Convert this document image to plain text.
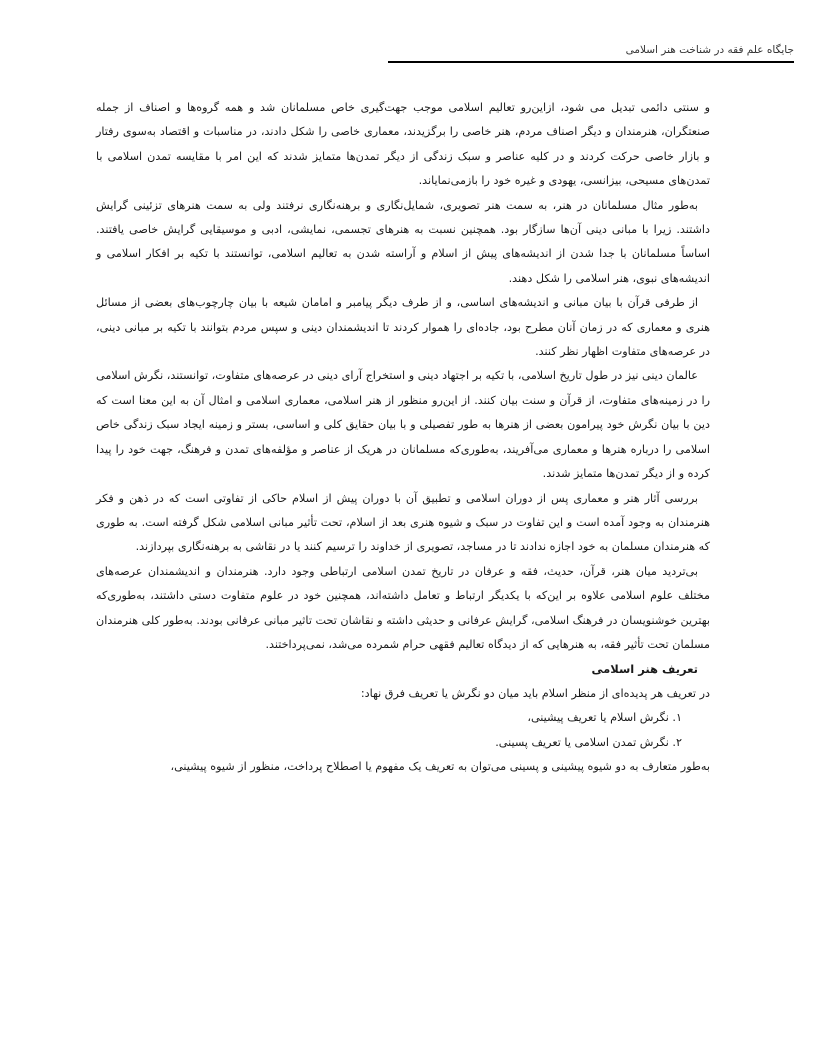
جایگاه علم فقه در شناخت هنر اسلامی

و سنتی دائمی تبدیل می شود، ازاین‌رو تعالیم اسلامی موجب جهت‌گیری خاص مسلمانان شد و همه گروه‌ها و اصناف از جمله صنعتگران، هنرمندان و دیگر اصناف مردم، هنر خاصی را برگزیدند، معماری خاصی را شکل دادند، در مناسبات و اقتصاد به‌سوی رفتار و بازار خاصی حرکت کردند و در کلیه عناصر و سبک زندگی از دیگر تمدن‌ها متمایز شدند که این امر با مقایسه تمدن اسلامی با تمدن‌های مسیحی، بیزانسی، یهودی و غیره خود را بازمی‌نمایاند.

به‌طور مثال مسلمانان در هنر، به سمت هنر تصویری، شمایل‌نگاری و برهنه‌نگاری نرفتند ولی به سمت هنرهای تزئینی گرایش داشتند. زیرا با مبانی دینی آن‌ها سازگار بود. همچنین نسبت به هنرهای تجسمی، نمایشی، ادبی و موسیقایی گرایش خاصی یافتند. اساساً مسلمانان با جدا شدن از اندیشه‌های پیش از اسلام و آراسته شدن به تعالیم اسلامی، توانستند با تکیه بر افکار اسلامی و اندیشه‌های نبوی، هنر اسلامی را شکل دهند.

از طرفی قرآن با بیان مبانی و اندیشه‌های اساسی، و از طرف دیگر پیامبر و امامان شیعه با بیان چارچوب‌های بعضی از مسائل هنری و معماری که در زمان آنان مطرح بود، جاده‌ای را هموار کردند تا اندیشمندان دینی و سپس مردم بتوانند با تکیه بر مبانی دینی، در عرصه‌های متفاوت اظهار نظر کنند.

عالمان دینی نیز در طول تاریخ اسلامی، با تکیه بر اجتهاد دینی و استخراج آرای دینی در عرصه‌های متفاوت، توانستند، نگرش اسلامی را در زمینه‌های متفاوت، از قرآن و سنت بیان کنند. از این‌رو منظور از هنر اسلامی، معماری اسلامی و امثال آن به این معنا است که دین با بیان نگرش خود پیرامون بعضی از هنرها به طور تفصیلی و با بیان حقایق کلی و اساسی، بستر و زمینه ایجاد سبک زندگی خاص اسلامی را درباره هنرها و معماری می‌آفریند، به‌طوری‌که مسلمانان در هریک از عناصر و مؤلفه‌های تمدن و فرهنگ، جهت خود را پیدا کرده و از دیگر تمدن‌ها متمایز شدند.

بررسی آثار هنر و معماری پس از دوران اسلامی و تطبیق آن با دوران پیش از اسلام حاکی از تفاوتی است که در ذهن و فکر هنرمندان به وجود آمده است و این تفاوت در سبک و شیوه هنری بعد از اسلام، تحت تأثیر مبانی اسلامی شکل گرفته است. به طوری که هنرمندان مسلمان به خود اجازه ندادند تا در مساجد، تصویری از خداوند را ترسیم کنند یا در نقاشی به برهنه‌نگاری بپردازند.

بی‌تردید میان هنر، قرآن، حدیث، فقه و عرفان در تاریخ تمدن اسلامی ارتباطی وجود دارد. هنرمندان و اندیشمندان عرصه‌های مختلف علوم اسلامی علاوه بر این‌که با یکدیگر ارتباط و تعامل داشته‌اند، همچنین خود در علوم متفاوت دستی داشتند، به‌طوری‌که بهترین خوشنویسان در فرهنگ اسلامی، گرایش عرفانی و حدیثی داشته و نقاشان تحت تاثیر مبانی عرفانی بودند. به‌طور کلی هنرمندان مسلمان تحت تأثیر فقه، به هنرهایی که از دیدگاه تعالیم فقهی حرام شمرده می‌شد، نمی‌پرداختند.

تعریف هنر اسلامی

در تعریف هر پدیده‌ای از منظر اسلام باید میان دو نگرش یا تعریف فرق نهاد:

۱. نگرش اسلام یا تعریف پیشینی،

۲. نگرش تمدن اسلامی یا تعریف پسینی.

به‌طور متعارف به دو شیوه پیشینی و پسینی می‌توان به تعریف یک مفهوم یا اصطلاح پرداخت، منظور از شیوه پیشینی،
